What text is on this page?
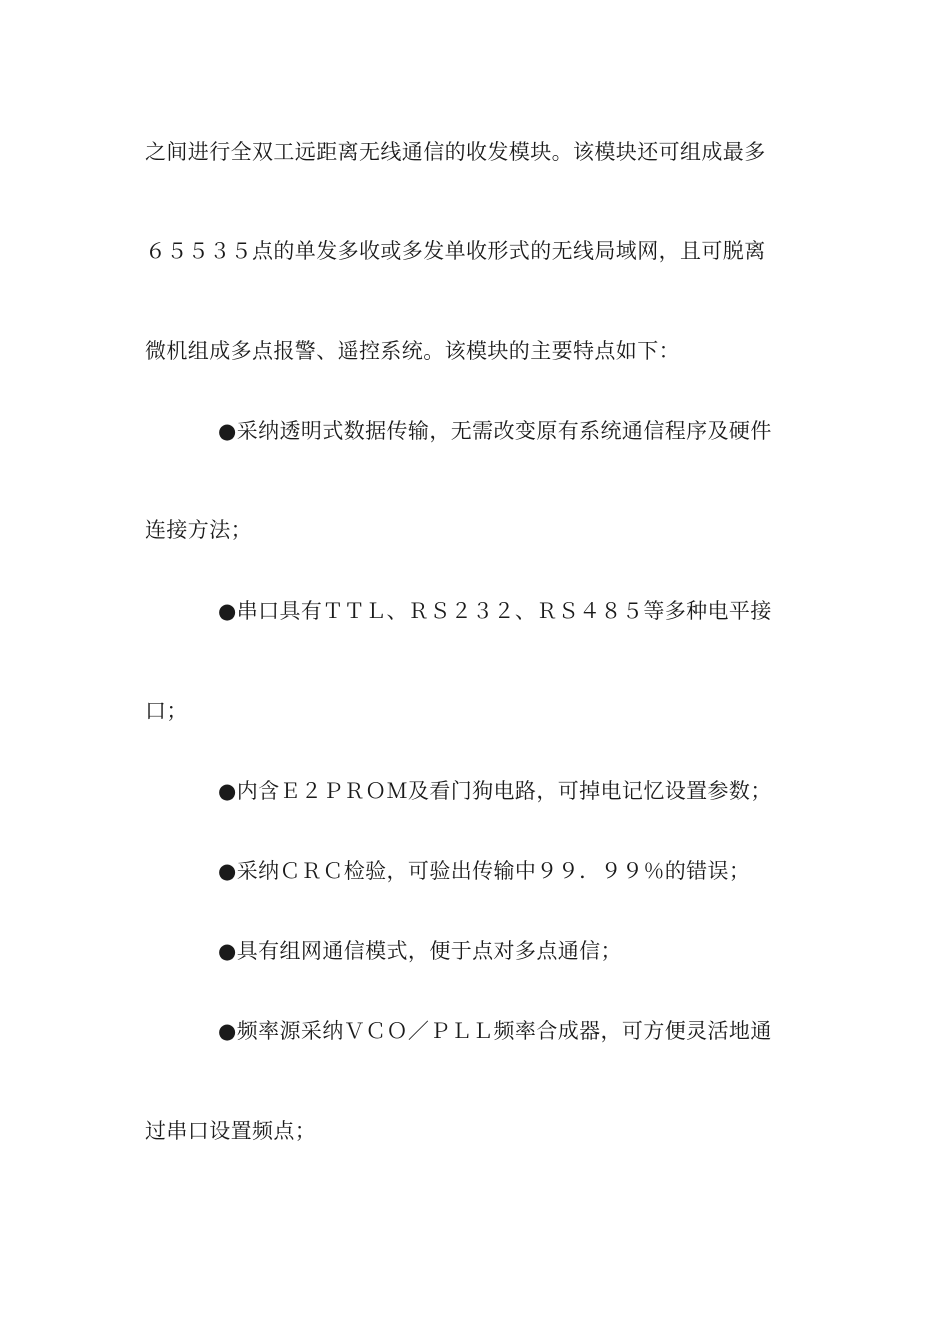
之间进行全双工远距离无线通信的收发模块。该模块还可组成最多
６５５３５点的单发多收或多发单收形式的无线局域网，且可脱离
微机组成多点报警、遥控系统。该模块的主要特点如下：
●采纳透明式数据传输，无需改变原有系统通信程序及硬件
连接方法；
●串口具有ＴＴＬ、ＲＳ２３２、ＲＳ４８５等多种电平接
口；
●内含Ｅ２ＰＲＯＭ及看门狗电路，可掉电记忆设置参数；
●采纳ＣＲＣ检验，可验出传输中９９．９９％的错误；
●具有组网通信模式，便于点对多点通信；
●频率源采纳ＶＣＯ／ＰＬＬ频率合成器，可方便灵活地通
过串口设置频点；
